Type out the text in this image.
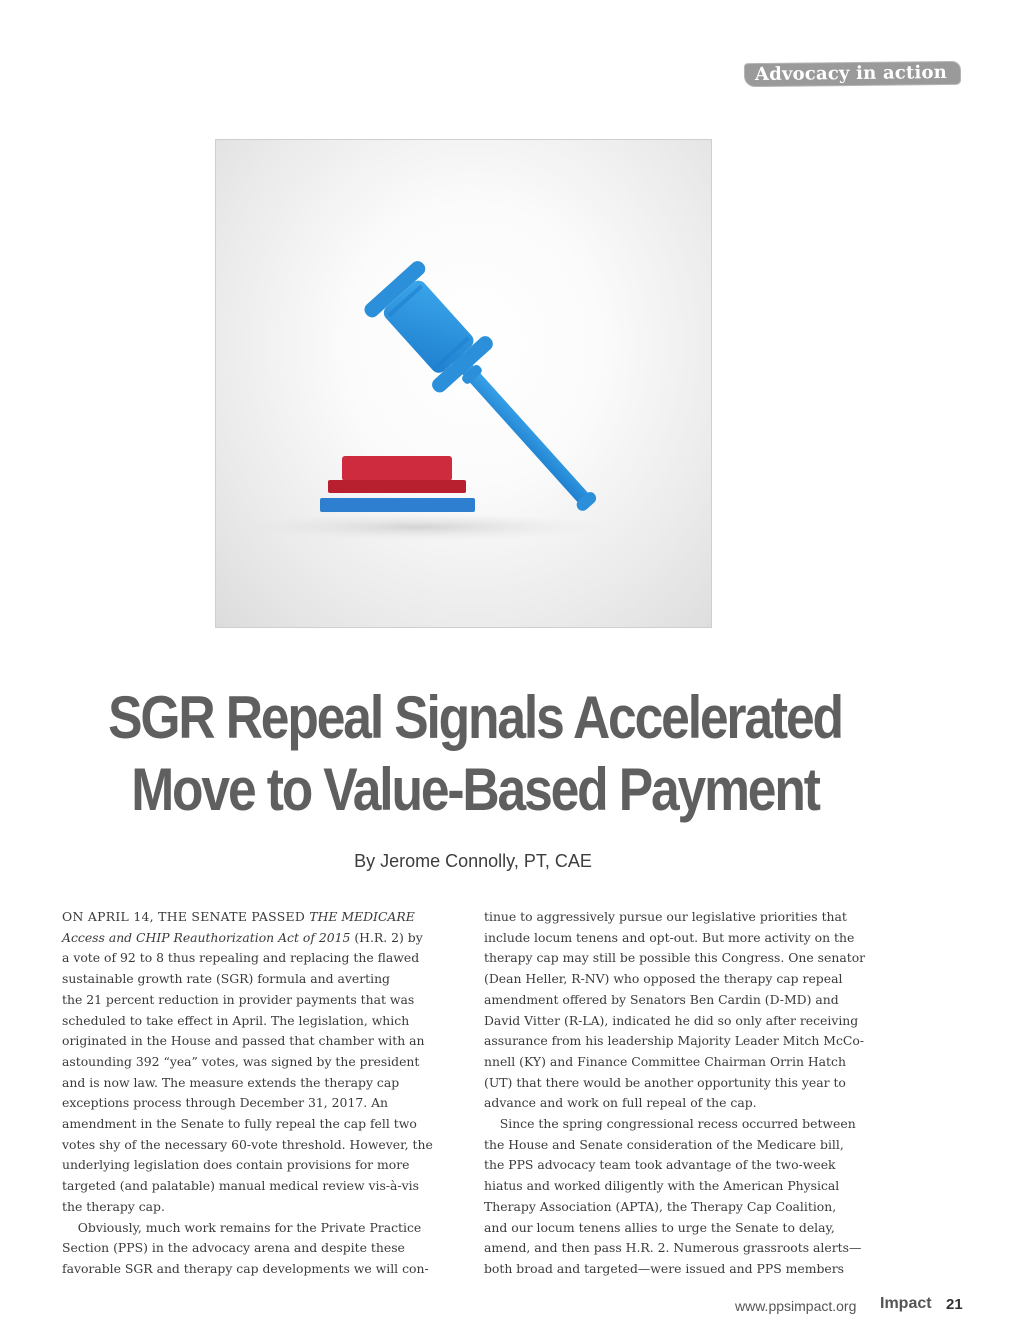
Advocacy in action
SGR Repeal Signals Accelerated
Move to Value-Based Payment
By Jerome Connolly, PT, CAE

ON APRIL 14, THE SENATE PASSED THE MEDICARE

Access and CHIP Reauthorization Act of 2015 (H.R. 2) by

a vote of 92 to 8 thus repealing and replacing the flawed

sustainable growth rate (SGR) formula and averting

the 21 percent reduction in provider payments that was

scheduled to take effect in April. The legislation, which

originated in the House and passed that chamber with an

astounding 392 “yea” votes, was signed by the president

and is now law. The measure extends the therapy cap

exceptions process through December 31, 2017. An

amendment in the Senate to fully repeal the cap fell two

votes shy of the necessary 60-vote threshold. However, the

underlying legislation does contain provisions for more

targeted (and palatable) manual medical review vis-à-vis

the therapy cap.

Obviously, much work remains for the Private Practice

Section (PPS) in the advocacy arena and despite these

favorable SGR and therapy cap developments we will con-

tinue to aggressively pursue our legislative priorities that

include locum tenens and opt-out. But more activity on the

therapy cap may still be possible this Congress. One senator

(Dean Heller, R-NV) who opposed the therapy cap repeal

amendment offered by Senators Ben Cardin (D-MD) and

David Vitter (R-LA), indicated he did so only after receiving

assurance from his leadership Majority Leader Mitch McCo-

nnell (KY) and Finance Committee Chairman Orrin Hatch

(UT) that there would be another opportunity this year to

advance and work on full repeal of the cap.

Since the spring congressional recess occurred between

the House and Senate consideration of the Medicare bill,

the PPS advocacy team took advantage of the two-week

hiatus and worked diligently with the American Physical

Therapy Association (APTA), the Therapy Cap Coalition,

and our locum tenens allies to urge the Senate to delay,

amend, and then pass H.R. 2. Numerous grassroots alerts—

both broad and targeted—were issued and PPS members

www.ppsimpact.org Impact 21
